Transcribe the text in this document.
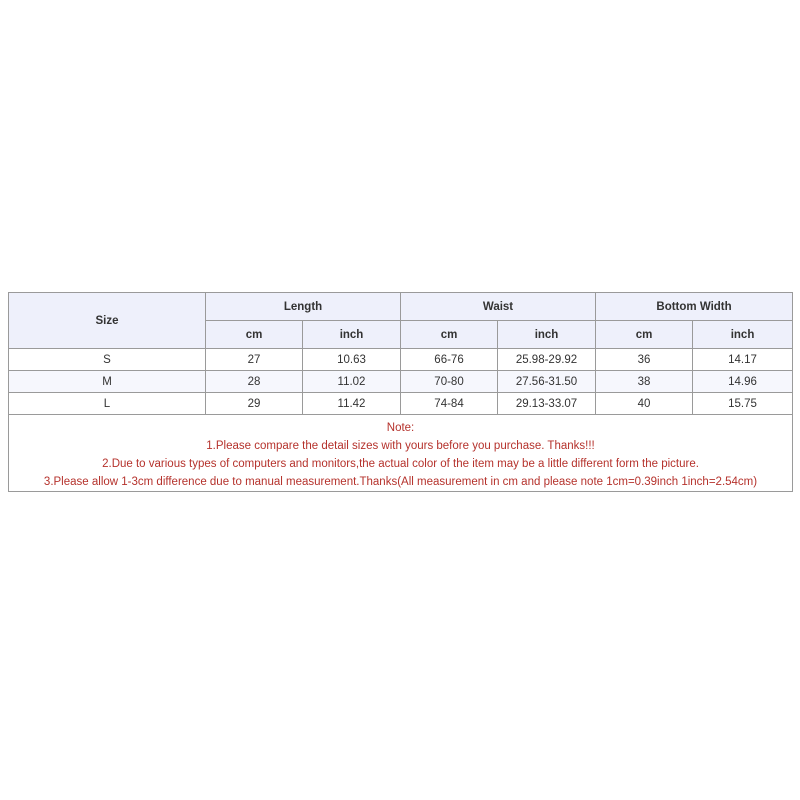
Size	Length		Waist		Bottom Width	
	cm	inch	cm	inch	cm	inch
S	27	10.63	66-76	25.98-29.92	36	14.17
M	28	11.02	70-80	27.56-31.50	38	14.96
L	29	11.42	74-84	29.13-33.07	40	15.75

Note:
1.Please compare the detail sizes with yours before you purchase. Thanks!!!
2.Due to various types of computers and monitors,the actual color of the item may be a little different form the picture.
3.Please allow 1-3cm difference due to manual measurement.Thanks(All measurement in cm and please note 1cm=0.39inch 1inch=2.54cm)						
